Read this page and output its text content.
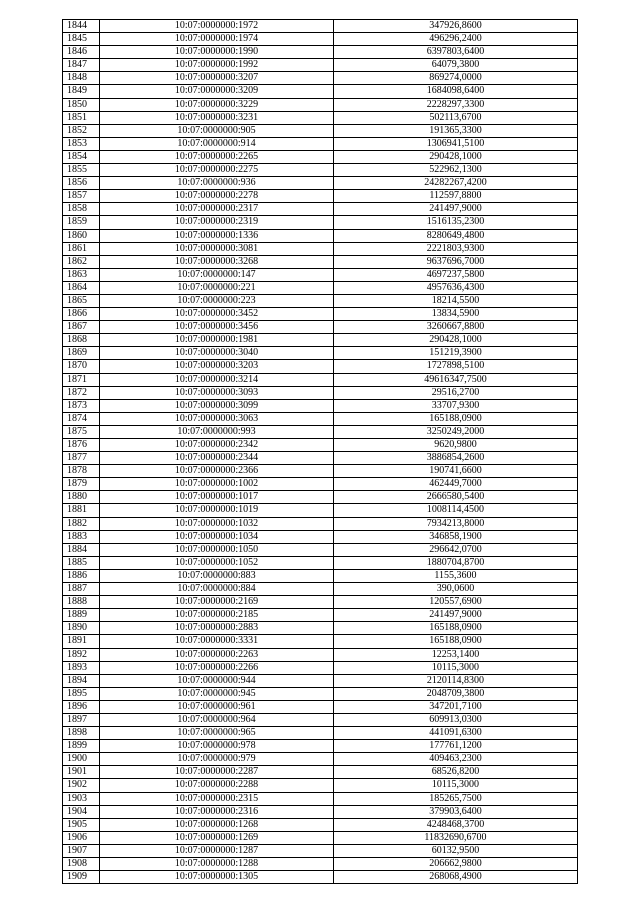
1844	10:07:0000000:1972	347926,8600
1845	10:07:0000000:1974	496296,2400
1846	10:07:0000000:1990	6397803,6400
1847	10:07:0000000:1992	64079,3800
1848	10:07:0000000:3207	869274,0000
1849	10:07:0000000:3209	1684098,6400
1850	10:07:0000000:3229	2228297,3300
1851	10:07:0000000:3231	502113,6700
1852	10:07:0000000:905	191365,3300
1853	10:07:0000000:914	1306941,5100
1854	10:07:0000000:2265	290428,1000
1855	10:07:0000000:2275	522962,1300
1856	10:07:0000000:936	24282267,4200
1857	10:07:0000000:2278	112597,8800
1858	10:07:0000000:2317	241497,9000
1859	10:07:0000000:2319	1516135,2300
1860	10:07:0000000:1336	8280649,4800
1861	10:07:0000000:3081	2221803,9300
1862	10:07:0000000:3268	9637696,7000
1863	10:07:0000000:147	4697237,5800
1864	10:07:0000000:221	4957636,4300
1865	10:07:0000000:223	18214,5500
1866	10:07:0000000:3452	13834,5900
1867	10:07:0000000:3456	3260667,8800
1868	10:07:0000000:1981	290428,1000
1869	10:07:0000000:3040	151219,3900
1870	10:07:0000000:3203	1727898,5100
1871	10:07:0000000:3214	49616347,7500
1872	10:07:0000000:3093	29516,2700
1873	10:07:0000000:3099	33707,9300
1874	10:07:0000000:3063	165188,0900
1875	10:07:0000000:993	3250249,2000
1876	10:07:0000000:2342	9620,9800
1877	10:07:0000000:2344	3886854,2600
1878	10:07:0000000:2366	190741,6600
1879	10:07:0000000:1002	462449,7000
1880	10:07:0000000:1017	2666580,5400
1881	10:07:0000000:1019	1008114,4500
1882	10:07:0000000:1032	7934213,8000
1883	10:07:0000000:1034	346858,1900
1884	10:07:0000000:1050	296642,0700
1885	10:07:0000000:1052	1880704,8700
1886	10:07:0000000:883	1155,3600
1887	10:07:0000000:884	390,0600
1888	10:07:0000000:2169	120557,6900
1889	10:07:0000000:2185	241497,9000
1890	10:07:0000000:2883	165188,0900
1891	10:07:0000000:3331	165188,0900
1892	10:07:0000000:2263	12253,1400
1893	10:07:0000000:2266	10115,3000
1894	10:07:0000000:944	2120114,8300
1895	10:07:0000000:945	2048709,3800
1896	10:07:0000000:961	347201,7100
1897	10:07:0000000:964	609913,0300
1898	10:07:0000000:965	441091,6300
1899	10:07:0000000:978	177761,1200
1900	10:07:0000000:979	409463,2300
1901	10:07:0000000:2287	68526,8200
1902	10:07:0000000:2288	10115,3000
1903	10:07:0000000:2315	185265,7500
1904	10:07:0000000:2316	379903,6400
1905	10:07:0000000:1268	4248468,3700
1906	10:07:0000000:1269	11832690,6700
1907	10:07:0000000:1287	60132,9500
1908	10:07:0000000:1288	206662,9800
1909	10:07:0000000:1305	268068,4900
